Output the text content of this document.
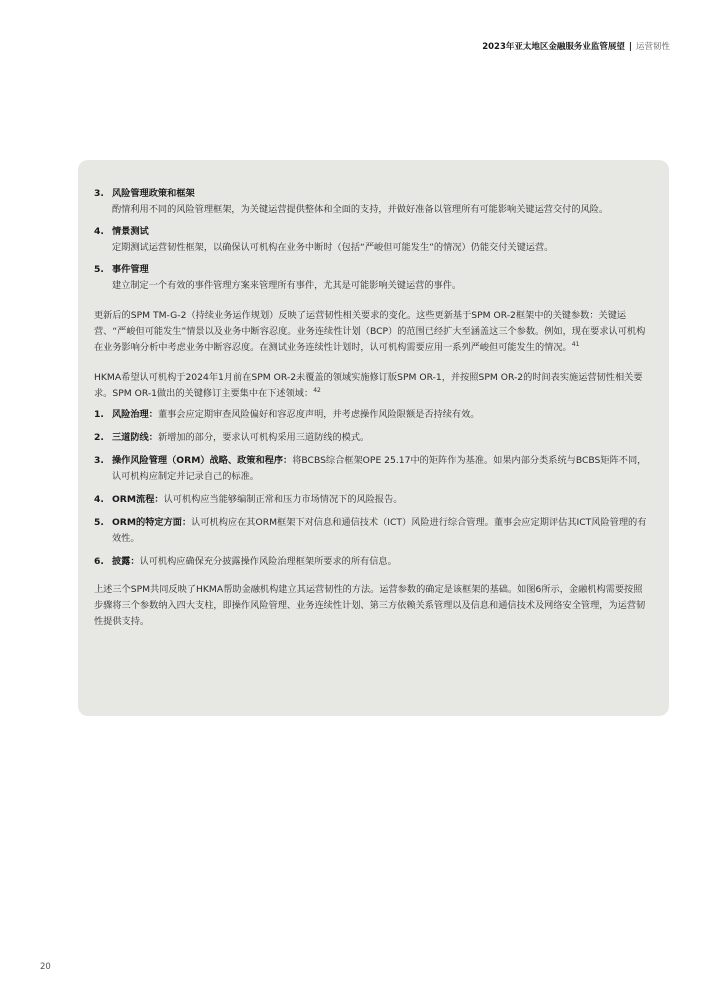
2023年亚太地区金融服务业监管展望 | 运营韧性
3. 风险管理政策和框架
酌情利用不同的风险管理框架，为关键运营提供整体和全面的支持，并做好准备以管理所有可能影响关键运营交付的风险。
4. 情景测试
定期测试运营韧性框架，以确保认可机构在业务中断时（包括“严峻但可能发生”的情况）仍能交付关键运营。
5. 事件管理
建立制定一个有效的事件管理方案来管理所有事件，尤其是可能影响关键运营的事件。

更新后的SPM TM-G-2（持续业务运作规划）反映了运营韧性相关要求的变化。这些更新基于SPM OR-2框架中的关键参数：关键运营、“严峻但可能发生”情景以及业务中断容忍度。业务连续性计划（BCP）的范围已经扩大至涵盖这三个参数。例如，现在要求认可机构在业务影响分析中考虑业务中断容忍度。在测试业务连续性计划时，认可机构需要应用一系列严峻但可能发生的情况。$^{41}$

HKMA希望认可机构于2024年1月前在SPM OR-2未覆盖的领域实施修订版SPM OR-1，并按照SPM OR-2的时间表实施运营韧性相关要求。SPM OR-1做出的关键修订主要集中在下述领域：$^{42}$

1. 风险治理：董事会应定期审查风险偏好和容忍度声明，并考虑操作风险限额是否持续有效。
2. 三道防线：新增加的部分，要求认可机构采用三道防线的模式。
3. 操作风险管理（ORM）战略、政策和程序：将BCBS综合框架OPE 25.17中的矩阵作为基准。如果内部分类系统与BCBS矩阵不同，认可机构应制定并记录自己的标准。
4. ORM流程：认可机构应当能够编制正常和压力市场情况下的风险报告。
5. ORM的特定方面：认可机构应在其ORM框架下对信息和通信技术（ICT）风险进行综合管理。董事会应定期评估其ICT风险管理的有效性。
6. 披露：认可机构应确保充分披露操作风险治理框架所要求的所有信息。

上述三个SPM共同反映了HKMA帮助金融机构建立其运营韧性的方法。运营参数的确定是该框架的基础。如图6所示，金融机构需要按照步骤将三个参数纳入四大支柱，即操作风险管理、业务连续性计划、第三方依赖关系管理以及信息和通信技术及网络安全管理，为运营韧性提供支持。

20
